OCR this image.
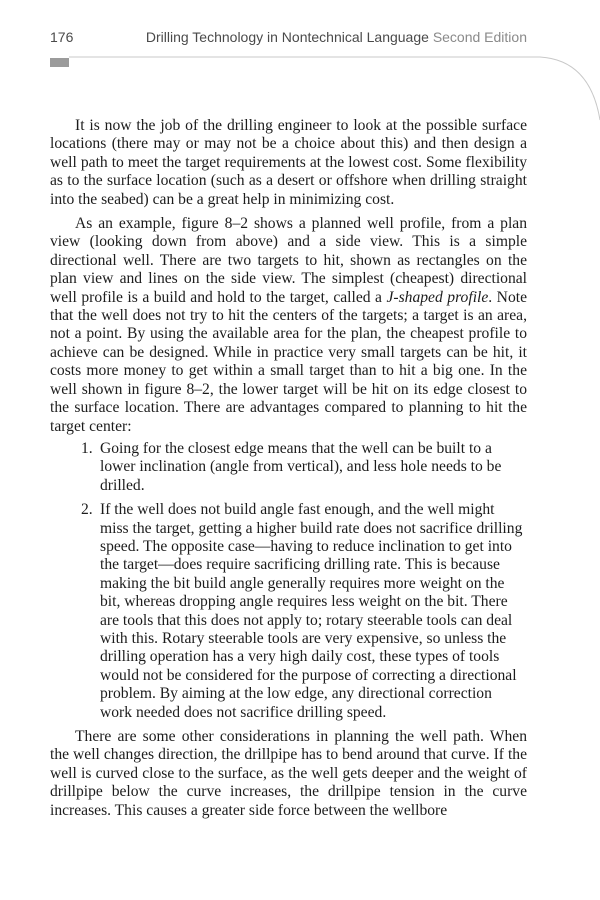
176	Drilling Technology in Nontechnical Language Second Edition

It is now the job of the drilling engineer to look at the possible surface locations (there may or may not be a choice about this) and then design a well path to meet the target requirements at the lowest cost. Some flexibility as to the surface location (such as a desert or offshore when drilling straight into the seabed) can be a great help in minimizing cost.

As an example, figure 8–2 shows a planned well profile, from a plan view (looking down from above) and a side view. This is a simple directional well. There are two targets to hit, shown as rectangles on the plan view and lines on the side view. The simplest (cheapest) directional well profile is a build and hold to the target, called a J-shaped profile. Note that the well does not try to hit the centers of the targets; a target is an area, not a point. By using the available area for the plan, the cheapest profile to achieve can be designed. While in practice very small targets can be hit, it costs more money to get within a small target than to hit a big one. In the well shown in figure 8–2, the lower target will be hit on its edge closest to the surface location. There are advantages compared to planning to hit the target center:

1. Going for the closest edge means that the well can be built to a lower inclination (angle from vertical), and less hole needs to be drilled.
2. If the well does not build angle fast enough, and the well might miss the target, getting a higher build rate does not sacrifice drilling speed. The opposite case—having to reduce inclination to get into the target—does require sacrificing drilling rate. This is because making the bit build angle generally requires more weight on the bit, whereas dropping angle requires less weight on the bit. There are tools that this does not apply to; rotary steerable tools can deal with this. Rotary steerable tools are very expensive, so unless the drilling operation has a very high daily cost, these types of tools would not be considered for the purpose of correcting a directional problem. By aiming at the low edge, any directional correction work needed does not sacrifice drilling speed.

There are some other considerations in planning the well path. When the well changes direction, the drillpipe has to bend around that curve. If the well is curved close to the surface, as the well gets deeper and the weight of drillpipe below the curve increases, the drillpipe tension in the curve increases. This causes a greater side force between the wellbore
